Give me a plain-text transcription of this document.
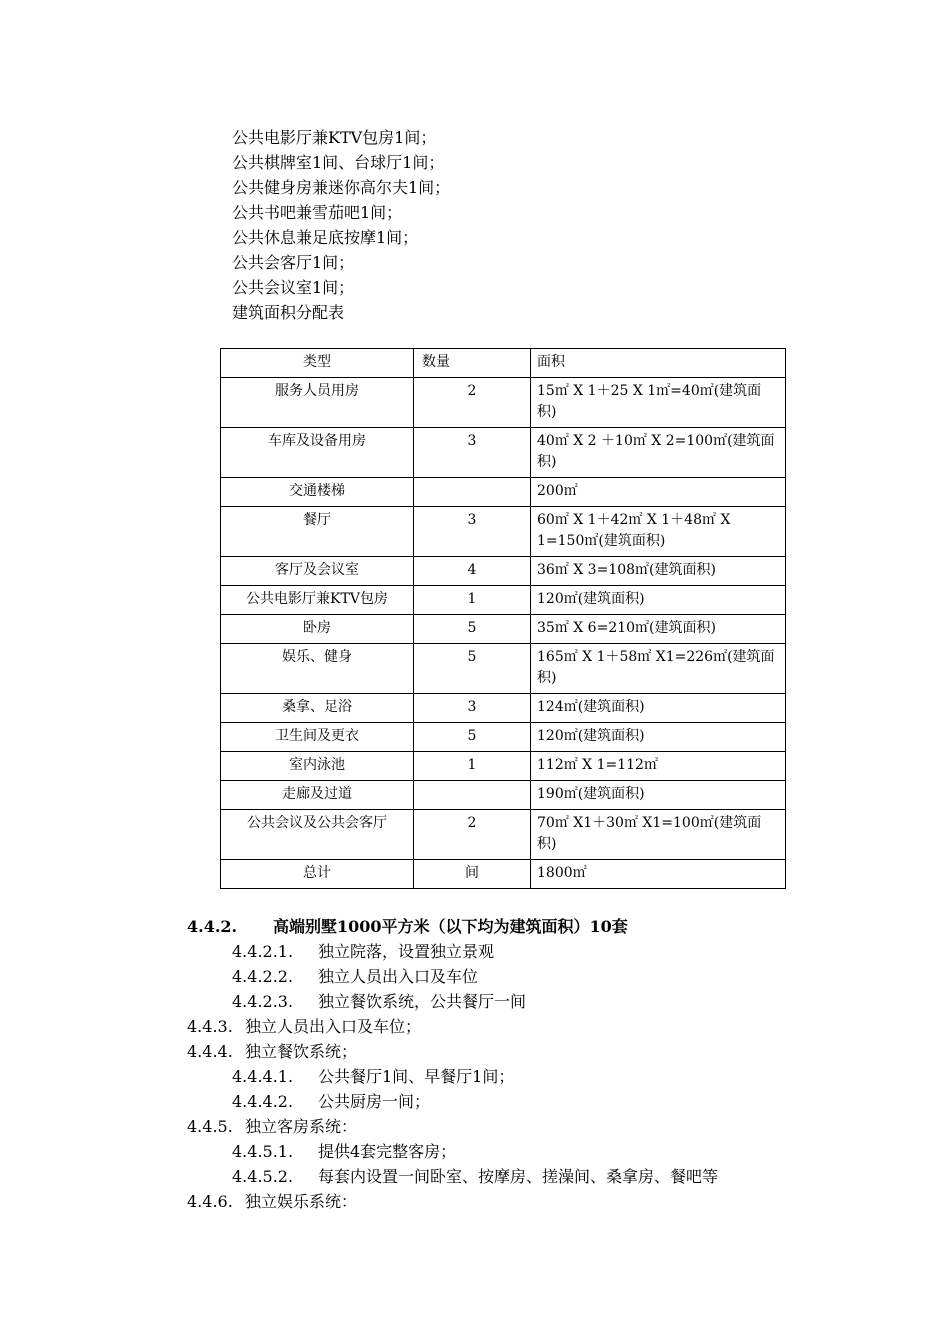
公共电影厅兼KTV包房1间；
公共棋牌室1间、台球厅1间；
公共健身房兼迷你高尔夫1间；
公共书吧兼雪茄吧1间；
公共休息兼足底按摩1间；
公共会客厅1间；
公共会议室1间；
建筑面积分配表
类型	数量	面积
服务人员用房	2	15㎡ X 1＋25 X 1㎡=40㎡(建筑面积)
车库及设备用房	3	40㎡ X 2 ＋10㎡ X 2=100㎡(建筑面积)
交通楼梯		200㎡
餐厅	3	60㎡ X 1＋42㎡ X 1＋48㎡ X 1=150㎡(建筑面积)
客厅及会议室	4	36㎡ X 3=108㎡(建筑面积)
公共电影厅兼KTV包房	1	120㎡(建筑面积)
卧房	5	35㎡ X 6=210㎡(建筑面积)
娱乐、健身	5	165㎡ X 1＋58㎡ X1=226㎡(建筑面积)
桑拿、足浴	3	124㎡(建筑面积)
卫生间及更衣	5	120㎡(建筑面积)
室内泳池	1	112㎡ X 1=112㎡
走廊及过道		190㎡(建筑面积)
公共会议及公共会客厅	2	70㎡ X1＋30㎡ X1=100㎡(建筑面积)
总计	间	1800㎡
4.4.2. 高端别墅1000平方米（以下均为建筑面积）10套
4.4.2.1. 独立院落，设置独立景观
4.4.2.2. 独立人员出入口及车位
4.4.2.3. 独立餐饮系统，公共餐厅一间
4.4.3. 独立人员出入口及车位；
4.4.4. 独立餐饮系统；
4.4.4.1. 公共餐厅1间、早餐厅1间；
4.4.4.2. 公共厨房一间；
4.4.5. 独立客房系统：
4.4.5.1. 提供4套完整客房；
4.4.5.2. 每套内设置一间卧室、按摩房、搓澡间、桑拿房、餐吧等
4.4.6. 独立娱乐系统：
